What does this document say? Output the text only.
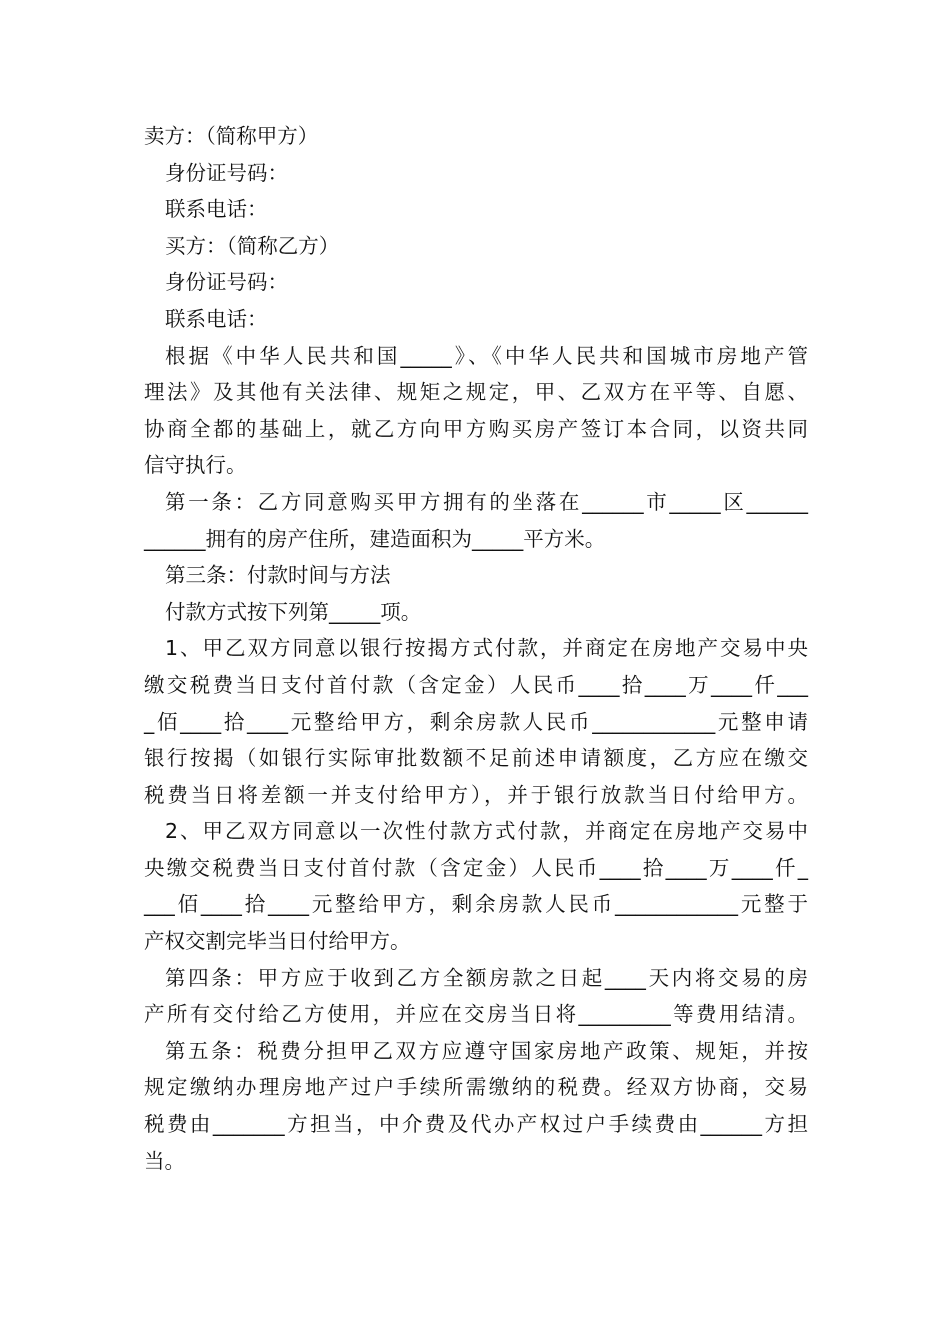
卖方：（简称甲方）
身份证号码：
联系电话：
买方：（简称乙方）
身份证号码：
联系电话：
根据《中华人民共和国_____》、《中华人民共和国城市房地产管
理法》及其他有关法律、规矩之规定，甲、乙双方在平等、自愿、
协商全都的基础上，就乙方向甲方购买房产签订本合同，以资共同
信守执行。
第一条：乙方同意购买甲方拥有的坐落在______市_____区______
______拥有的房产住所，建造面积为_____平方米。
第三条：付款时间与方法
付款方式按下列第_____项。
1、甲乙双方同意以银行按揭方式付款，并商定在房地产交易中央
缴交税费当日支付首付款（含定金）人民币____拾____万____仟___
_佰____拾____元整给甲方，剩余房款人民币____________元整申请
银行按揭（如银行实际审批数额不足前述申请额度，乙方应在缴交
税费当日将差额一并支付给甲方），并于银行放款当日付给甲方。
2、甲乙双方同意以一次性付款方式付款，并商定在房地产交易中
央缴交税费当日支付首付款（含定金）人民币____拾____万____仟_
___佰____拾____元整给甲方，剩余房款人民币____________元整于
产权交割完毕当日付给甲方。
第四条：甲方应于收到乙方全额房款之日起____天内将交易的房
产所有交付给乙方使用，并应在交房当日将_________等费用结清。
第五条：税费分担甲乙双方应遵守国家房地产政策、规矩，并按
规定缴纳办理房地产过户手续所需缴纳的税费。经双方协商，交易
税费由_______方担当，中介费及代办产权过户手续费由______方担
当。
